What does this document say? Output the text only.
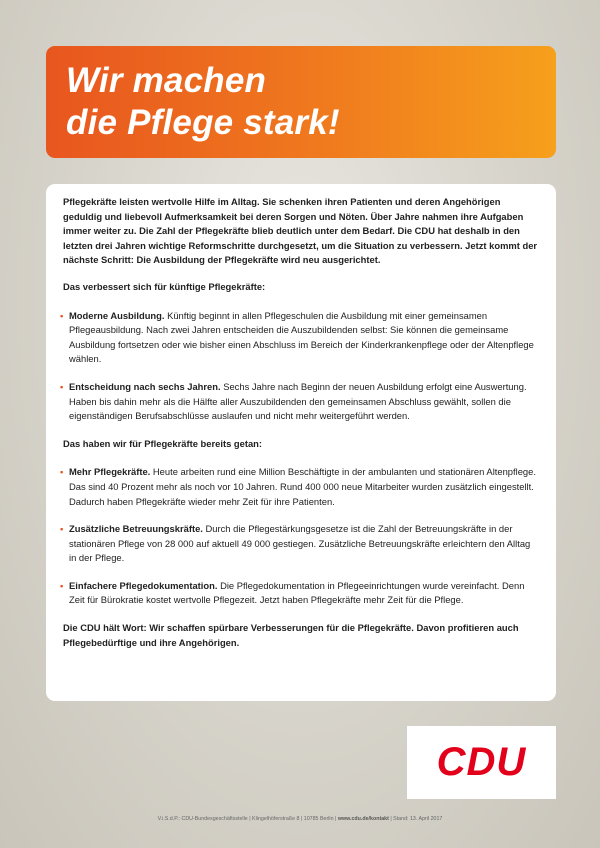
Wir machen
die Pflege stark!

Pflegekräfte leisten wertvolle Hilfe im Alltag. Sie schenken ihren Patienten und deren Angehörigen geduldig und liebevoll Aufmerksamkeit bei deren Sorgen und Nöten. Über Jahre nahmen ihre Aufgaben immer weiter zu. Die Zahl der Pflegekräfte blieb deutlich unter dem Bedarf. Die CDU hat deshalb in den letzten drei Jahren wichtige Reformschritte durchgesetzt, um die Situation zu verbessern. Jetzt kommt der nächste Schritt: Die Ausbildung der Pflegekräfte wird neu ausgerichtet.

Das verbessert sich für künftige Pflegekräfte:

• Moderne Ausbildung. Künftig beginnt in allen Pflegeschulen die Ausbildung mit einer gemeinsamen Pflegeausbildung. Nach zwei Jahren entscheiden die Auszubildenden selbst: Sie können die gemeinsame Ausbildung fortsetzen oder wie bisher einen Abschluss im Bereich der Kinderkrankenpflege oder der Altenpflege wählen.

• Entscheidung nach sechs Jahren. Sechs Jahre nach Beginn der neuen Ausbildung erfolgt eine Auswertung. Haben bis dahin mehr als die Hälfte aller Auszubildenden den gemeinsamen Abschluss gewählt, sollen die eigenständigen Berufsabschlüsse auslaufen und nicht mehr weitergeführt werden.

Das haben wir für Pflegekräfte bereits getan:

• Mehr Pflegekräfte. Heute arbeiten rund eine Million Beschäftigte in der ambulanten und stationären Altenpflege. Das sind 40 Prozent mehr als noch vor 10 Jahren. Rund 400 000 neue Mitarbeiter wurden zusätzlich eingestellt. Dadurch haben Pflegekräfte wieder mehr Zeit für ihre Patienten.

• Zusätzliche Betreuungskräfte. Durch die Pflegestärkungsgesetze ist die Zahl der Betreuungskräfte in der stationären Pflege von 28 000 auf aktuell 49 000 gestiegen. Zusätzliche Betreuungskräfte erleichtern den Alltag in der Pflege.

• Einfachere Pflegedokumentation. Die Pflegedokumentation in Pflegeeinrichtungen wurde vereinfacht. Denn Zeit für Bürokratie kostet wertvolle Pflegezeit. Jetzt haben Pflegekräfte mehr Zeit für die Pflege.

Die CDU hält Wort: Wir schaffen spürbare Verbesserungen für die Pflegekräfte. Davon profitieren auch Pflegebedürftige und ihre Angehörigen.

CDU
V.i.S.d.P.: CDU-Bundesgeschäftsstelle | Klingelhöferstraße 8 | 10785 Berlin | www.cdu.de/kontakt | Stand: 13. April 2017
